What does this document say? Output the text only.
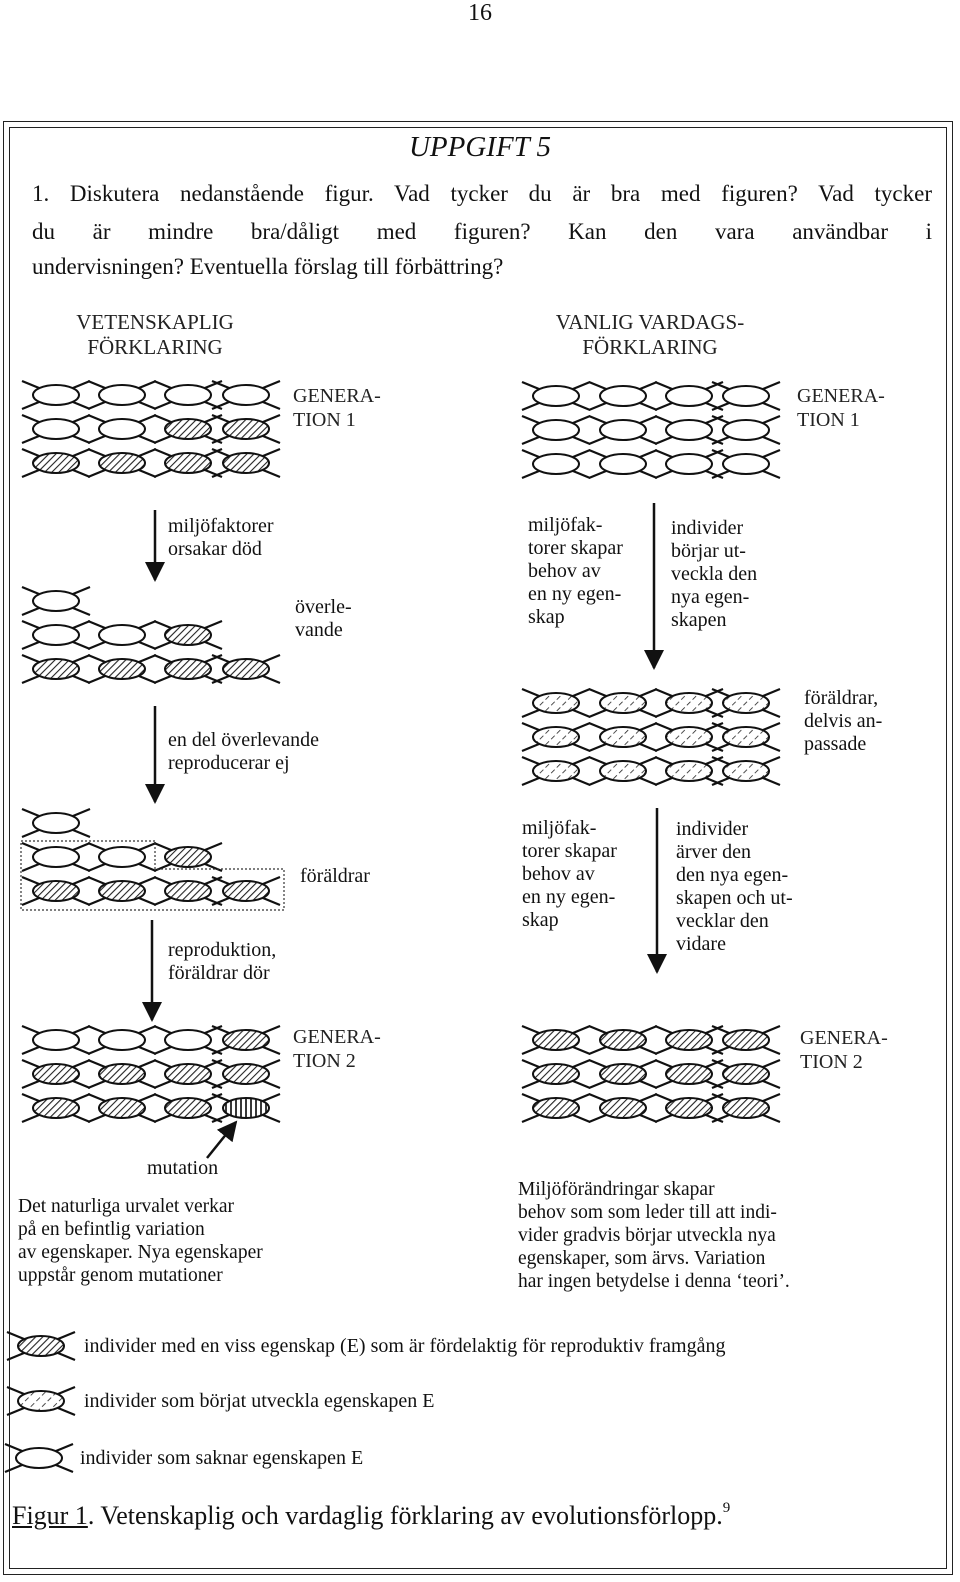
16
UPPGIFT 5
1. Diskutera nedanstående figur. Vad tycker du är bra med figuren? Vad tycker
du är mindre bra/dåligt med figuren? Kan den vara användbar i
undervisningen? Eventuella förslag till förbättring?
VETENSKAPLIG
FÖRKLARING
GENERA-
TION 1
miljöfaktorer
orsakar död
överle-
vande
en del överlevande
reproducerar ej
föräldrar
reproduktion,
föräldrar dör
GENERA-
TION 2
mutation
Det naturliga urvalet verkar
på en befintlig variation
av egenskaper. Nya egenskaper
uppstår genom mutationer
VANLIG VARDAGS-
FÖRKLARING
GENERA-
TION 1
miljöfak-
torer skapar
behov av
en ny egen-
skap
individer
börjar ut-
veckla den
nya egen-
skapen
föräldrar,
delvis an-
passade
miljöfak-
torer skapar
behov av
en ny egen-
skap
individer
ärver den
den nya egen-
skapen och ut-
vecklar den
vidare
GENERA-
TION 2
Miljöförändringar skapar
behov som som leder till att indi-
vider gradvis börjar utveckla nya
egenskaper, som ärvs. Variation
har ingen betydelse i denna ‘teori’.
individer med en viss egenskap (E) som är fördelaktig för reproduktiv framgång
individer som börjat utveckla egenskapen E
individer som saknar egenskapen E
Figur 1. Vetenskaplig och vardaglig förklaring av evolutionsförlopp.$^9$
